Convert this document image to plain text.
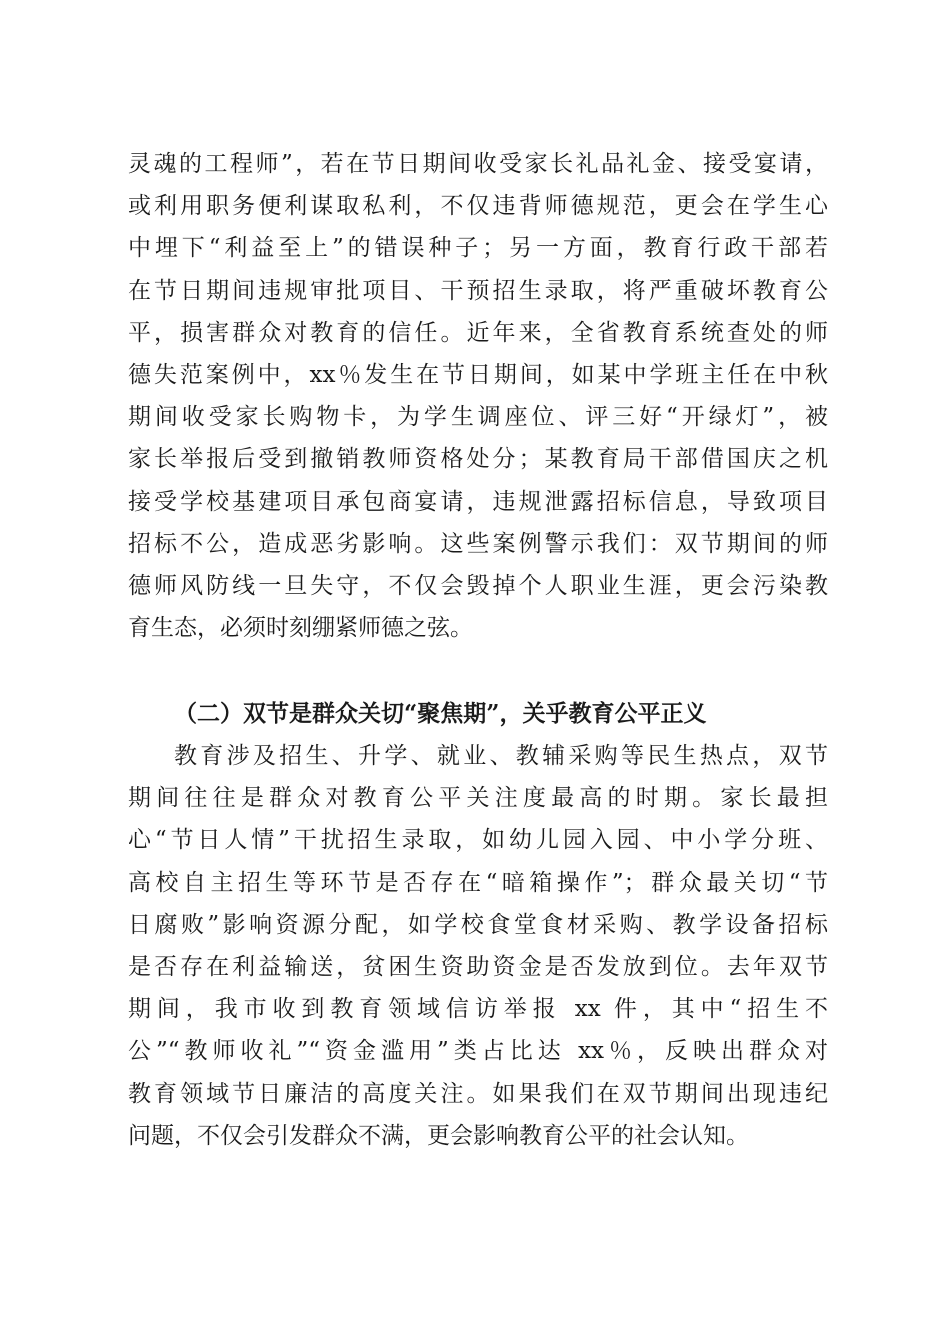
灵魂的工程师”，若在节日期间收受家长礼品礼金、接受宴请，
或利用职务便利谋取私利，不仅违背师德规范，更会在学生心
中埋下“利益至上”的错误种子；另一方面，教育行政干部若
在节日期间违规审批项目、干预招生录取，将严重破坏教育公
平，损害群众对教育的信任。近年来，全省教育系统查处的师
德失范案例中，xx％发生在节日期间，如某中学班主任在中秋
期间收受家长购物卡，为学生调座位、评三好“开绿灯”，被
家长举报后受到撤销教师资格处分；某教育局干部借国庆之机
接受学校基建项目承包商宴请，违规泄露招标信息，导致项目
招标不公，造成恶劣影响。这些案例警示我们：双节期间的师
德师风防线一旦失守，不仅会毁掉个人职业生涯，更会污染教
育生态，必须时刻绷紧师德之弦。
（二）双节是群众关切“聚焦期”，关乎教育公平正义
教育涉及招生、升学、就业、教辅采购等民生热点，双节
期间往往是群众对教育公平关注度最高的时期。家长最担
心“节日人情”干扰招生录取，如幼儿园入园、中小学分班、
高校自主招生等环节是否存在“暗箱操作”；群众最关切“节
日腐败”影响资源分配，如学校食堂食材采购、教学设备招标
是否存在利益输送，贫困生资助资金是否发放到位。去年双节
期间，我市收到教育领域信访举报 xx 件，其中“招生不
公”“教师收礼”“资金滥用”类占比达 xx％，反映出群众对
教育领域节日廉洁的高度关注。如果我们在双节期间出现违纪
问题，不仅会引发群众不满，更会影响教育公平的社会认知。
